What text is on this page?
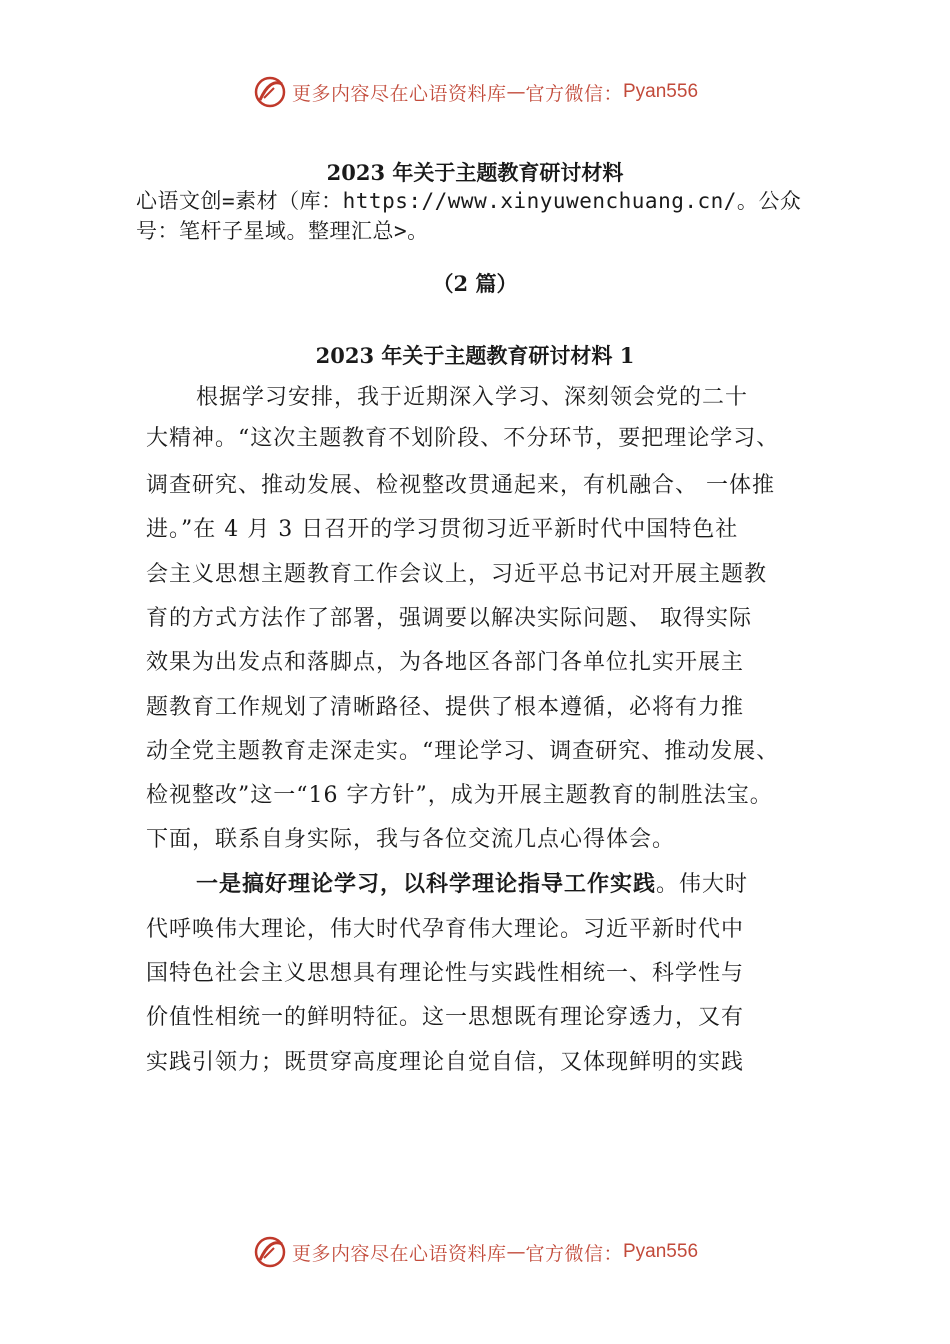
更多内容尽在心语资料库 — 官方微信： Pyan556
2023 年关于主题教育研讨材料
心语文创=素材（库：https://www.xinyuwenchuang.cn/。公众
号：笔杆子星域。整理汇总>。
（2 篇）
2023 年关于主题教育研讨材料 1
根据学习安排，我于近期深入学习、深刻领会党的二十
大精神。“这次主题教育不划阶段、不分环节，要把理论学习、
调查研究、推动发展、检视整改贯通起来，有机融合、 一体推
进。”在 4 月 3 日召开的学习贯彻习近平新时代中国特色社
会主义思想主题教育工作会议上，习近平总书记对开展主题教
育的方式方法作了部署，强调要以解决实际问题、 取得实际
效果为出发点和落脚点，为各地区各部门各单位扎实开展主
题教育工作规划了清晰路径、提供了根本遵循，必将有力推
动全党主题教育走深走实。“理论学习、调查研究、推动发展、
检视整改”这一“16 字方针”，成为开展主题教育的制胜法宝。
下面，联系自身实际，我与各位交流几点心得体会。
一是搞好理论学习，以科学理论指导工作实践。伟大时
代呼唤伟大理论，伟大时代孕育伟大理论。习近平新时代中
国特色社会主义思想具有理论性与实践性相统一、科学性与
价值性相统一的鲜明特征。这一思想既有理论穿透力，又有
实践引领力；既贯穿高度理论自觉自信，又体现鲜明的实践
更多内容尽在心语资料库 — 官方微信： Pyan556
